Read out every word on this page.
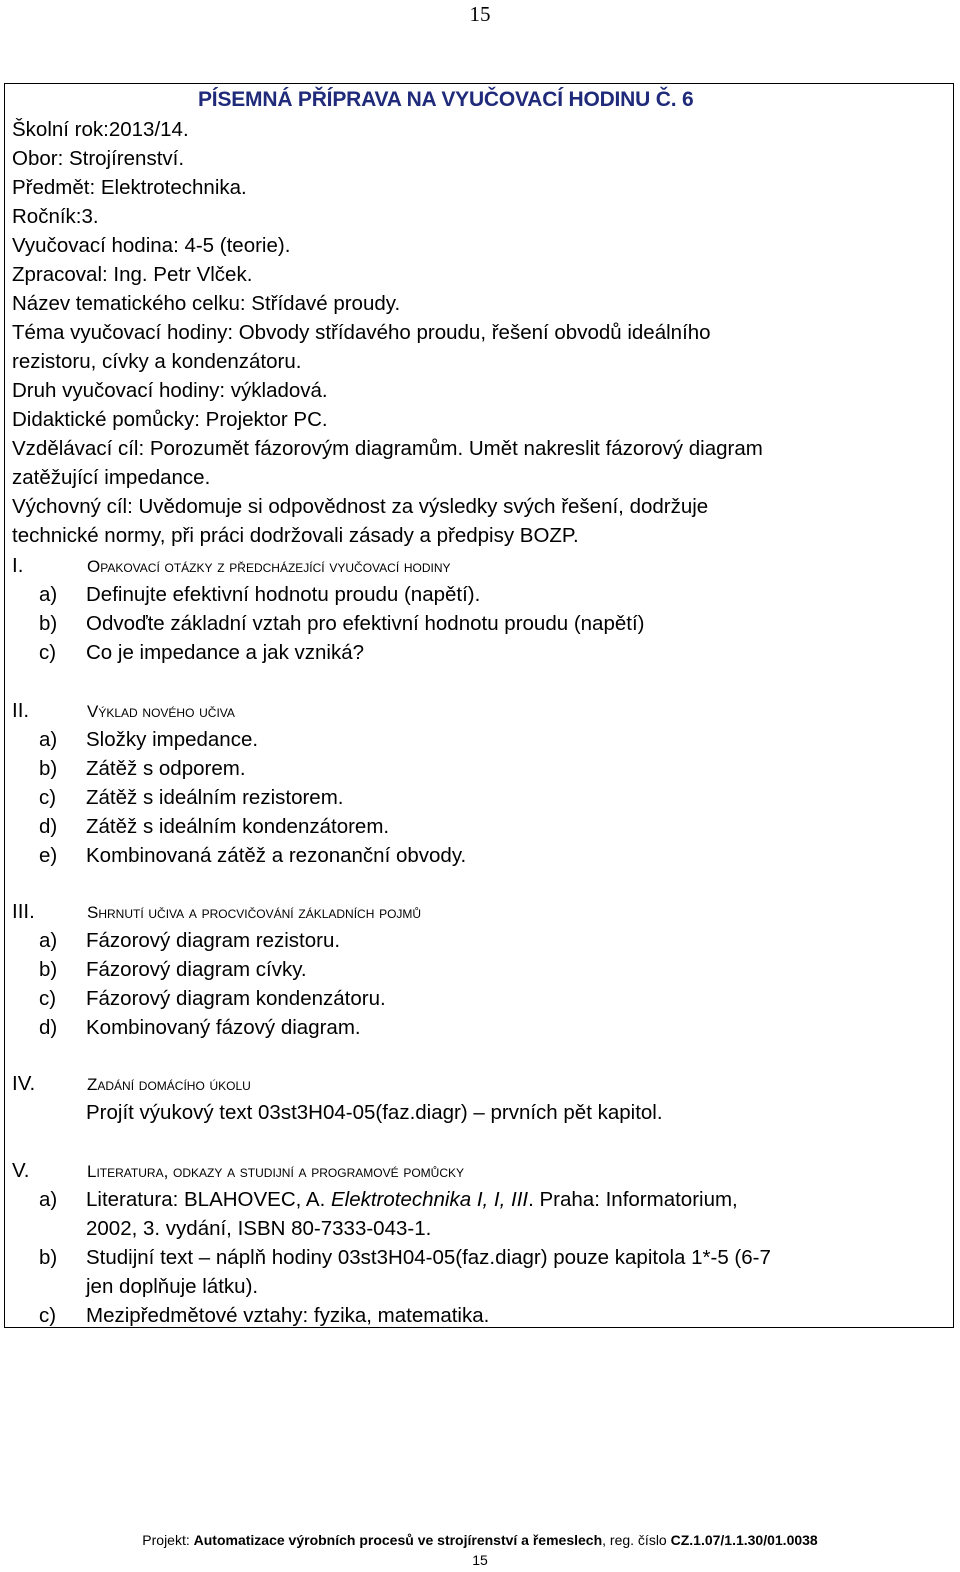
15
PÍSEMNÁ PŘÍPRAVA NA VYUČOVACÍ HODINU Č. 6
Školní rok:2013/14.
Obor: Strojírenství.
Předmět: Elektrotechnika.
Ročník:3.
Vyučovací hodina: 4-5 (teorie).
Zpracoval: Ing. Petr Vlček.
Název tematického celku: Střídavé proudy.
Téma vyučovací hodiny: Obvody střídavého proudu, řešení obvodů ideálního
rezistoru, cívky a kondenzátoru.
Druh vyučovací hodiny: výkladová.
Didaktické pomůcky: Projektor PC.
Vzdělávací cíl: Porozumět fázorovým diagramům. Umět nakreslit fázorový diagram
zatěžující impedance.
Výchovný cíl: Uvědomuje si odpovědnost za výsledky svých řešení, dodržuje
technické normy, při práci dodržovali zásady a předpisy BOZP.
I.	Opakovací otázky z předcházející vyučovací hodiny
a) Definujte efektivní hodnotu proudu (napětí).
b) Odvoďte základní vztah pro efektivní hodnotu proudu (napětí)
c) Co je impedance a jak vzniká?
II.	Výklad nového učiva
a) Složky impedance.
b) Zátěž s odporem.
c) Zátěž s ideálním rezistorem.
d) Zátěž s ideálním kondenzátorem.
e) Kombinovaná zátěž a rezonanční obvody.
III.	Shrnutí učiva a procvičování základních pojmů
a) Fázorový diagram rezistoru.
b) Fázorový diagram cívky.
c) Fázorový diagram kondenzátoru.
d) Kombinovaný fázový diagram.
IV.	Zadání domácího úkolu
Projít výukový text 03st3H04-05(faz.diagr) – prvních pět kapitol.
V.	Literatura, odkazy a studijní a programové pomůcky
a) Literatura: BLAHOVEC, A. Elektrotechnika I, I, III. Praha: Informatorium,
2002, 3. vydání, ISBN 80-7333-043-1.
b) Studijní text – náplň hodiny 03st3H04-05(faz.diagr) pouze kapitola 1*-5 (6-7
jen doplňuje látku).
c) Mezipředmětové vztahy: fyzika, matematika.
Projekt: Automatizace výrobních procesů ve strojírenství a řemeslech, reg. číslo CZ.1.07/1.1.30/01.0038
15
